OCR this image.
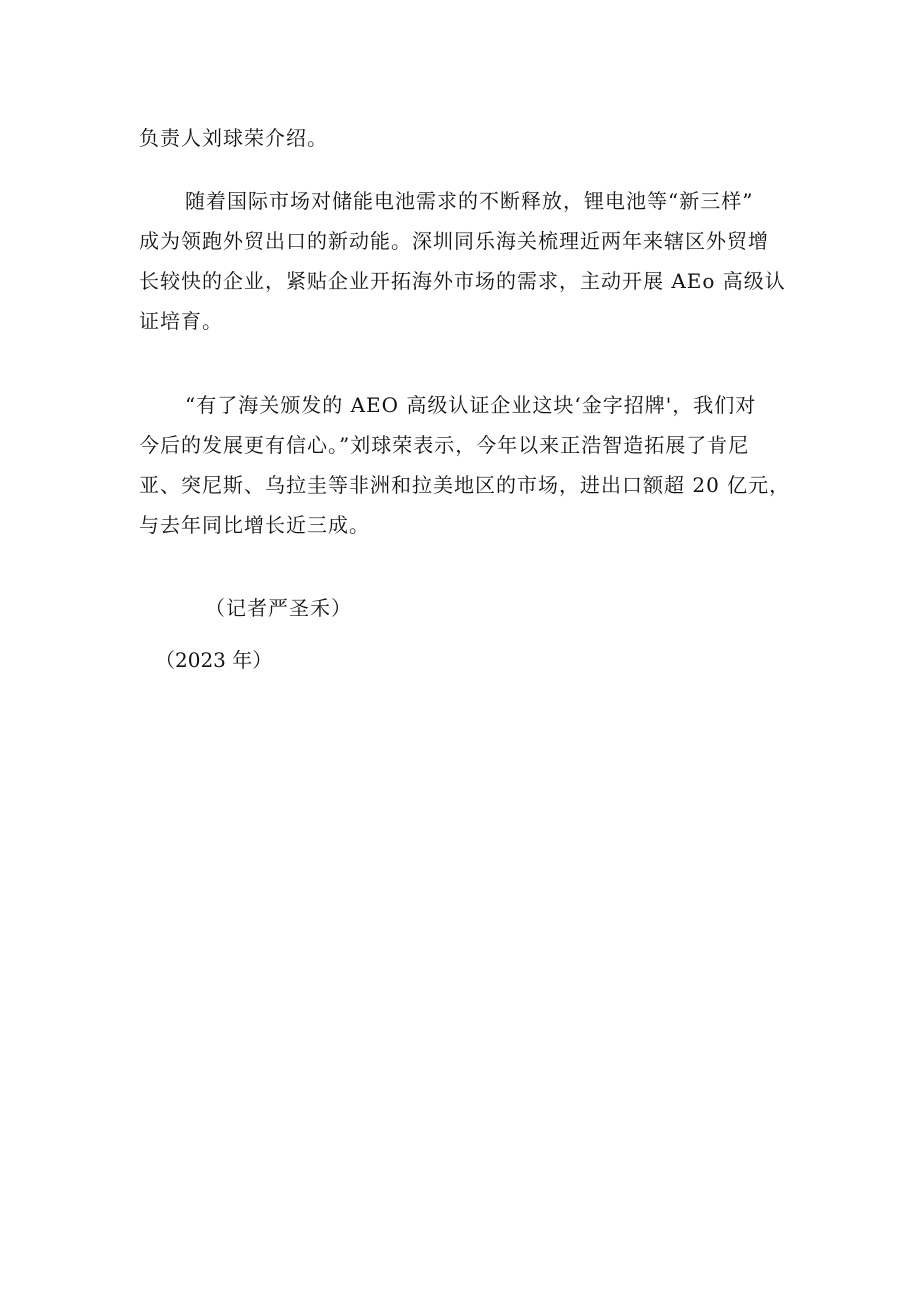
负责人刘球荣介绍。
随着国际市场对储能电池需求的不断释放，锂电池等“新三样”
成为领跑外贸出口的新动能。深圳同乐海关梳理近两年来辖区外贸增
长较快的企业，紧贴企业开拓海外市场的需求，主动开展 AEo 高级认
证培育。
“有了海关颁发的 AEO 高级认证企业这块‘金字招牌'，我们对
今后的发展更有信心。”刘球荣表示，今年以来正浩智造拓展了肯尼
亚、突尼斯、乌拉圭等非洲和拉美地区的市场，进出口额超 20 亿元，
与去年同比增长近三成。
（记者严圣禾）
（2023 年）
